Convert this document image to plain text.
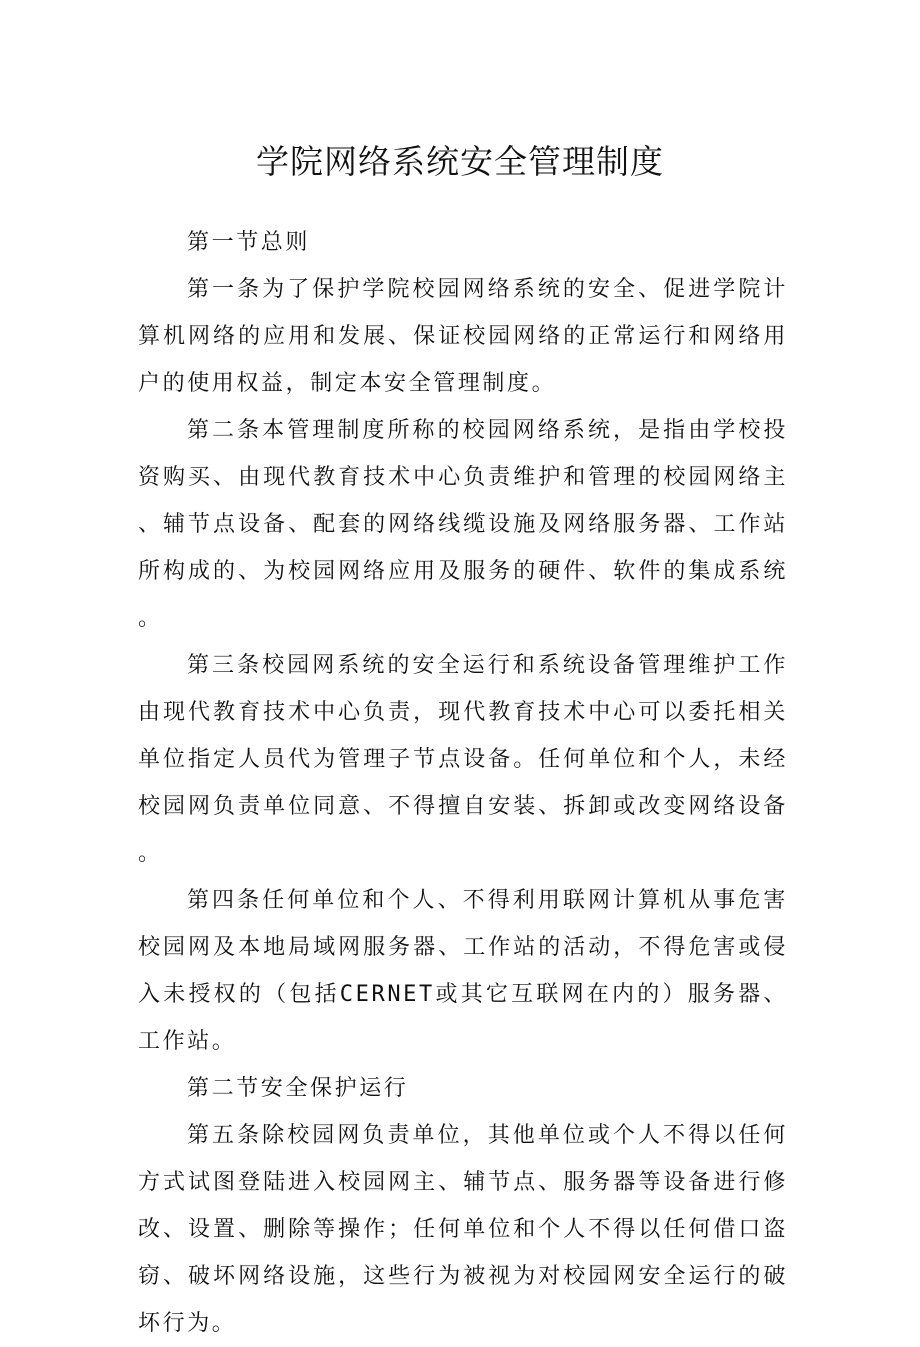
学院网络系统安全管理制度

第一节总则

第一条为了保护学院校园网络系统的安全、促进学院计算机网络的应用和发展、保证校园网络的正常运行和网络用户的使用权益，制定本安全管理制度。

第二条本管理制度所称的校园网络系统，是指由学校投资购买、由现代教育技术中心负责维护和管理的校园网络主、辅节点设备、配套的网络线缆设施及网络服务器、工作站所构成的、为校园网络应用及服务的硬件、软件的集成系统。

第三条校园网系统的安全运行和系统设备管理维护工作由现代教育技术中心负责，现代教育技术中心可以委托相关单位指定人员代为管理子节点设备。任何单位和个人，未经校园网负责单位同意、不得擅自安装、拆卸或改变网络设备。

第四条任何单位和个人、不得利用联网计算机从事危害校园网及本地局域网服务器、工作站的活动，不得危害或侵入未授权的（包括CERNET或其它互联网在内的）服务器、工作站。

第二节安全保护运行

第五条除校园网负责单位，其他单位或个人不得以任何方式试图登陆进入校园网主、辅节点、服务器等设备进行修改、设置、删除等操作；任何单位和个人不得以任何借口盗窃、破坏网络设施，这些行为被视为对校园网安全运行的破坏行为。
